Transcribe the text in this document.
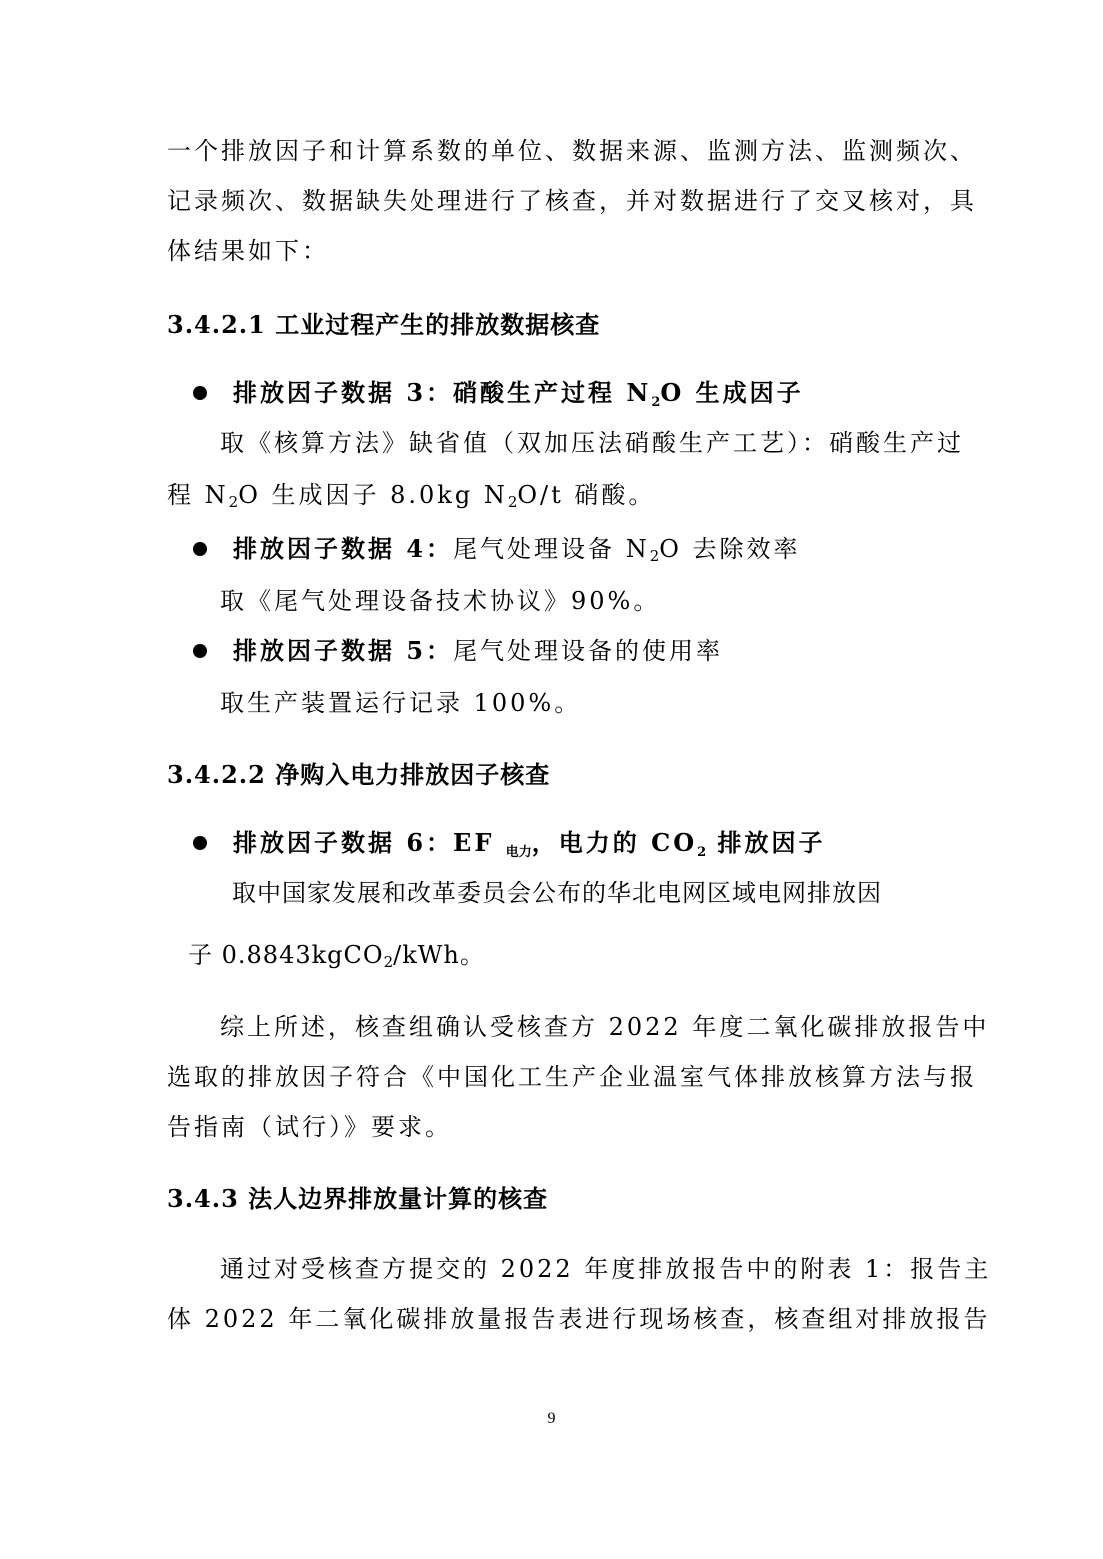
一个排放因子和计算系数的单位、数据来源、监测方法、监测频次、
记录频次、数据缺失处理进行了核查，并对数据进行了交叉核对，具
体结果如下：
3.4.2.1 工业过程产生的排放数据核查
排放因子数据 3：硝酸生产过程 $N_2O$ 生成因子
取《核算方法》缺省值（双加压法硝酸生产工艺）：硝酸生产过
程 $N_2O$ 生成因子 8.0kg $N_2O/t$ 硝酸。
排放因子数据 4：尾气处理设备 $N_2O$ 去除效率
取《尾气处理设备技术协议》90%。
排放因子数据 5：尾气处理设备的使用率
取生产装置运行记录 100%。
3.4.2.2 净购入电力排放因子核查
排放因子数据 6：EF $_{电力}$，电力的 $CO_2$ 排放因子
取中国家发展和改革委员会公布的华北电网区域电网排放因
子 0.8843kgCO$_2$/kWh。
综上所述，核查组确认受核查方 2022 年度二氧化碳排放报告中
选取的排放因子符合《中国化工生产企业温室气体排放核算方法与报
告指南（试行）》要求。
3.4.3 法人边界排放量计算的核查
通过对受核查方提交的 2022 年度排放报告中的附表 1：报告主
体 2022 年二氧化碳排放量报告表进行现场核查，核查组对排放报告
9
